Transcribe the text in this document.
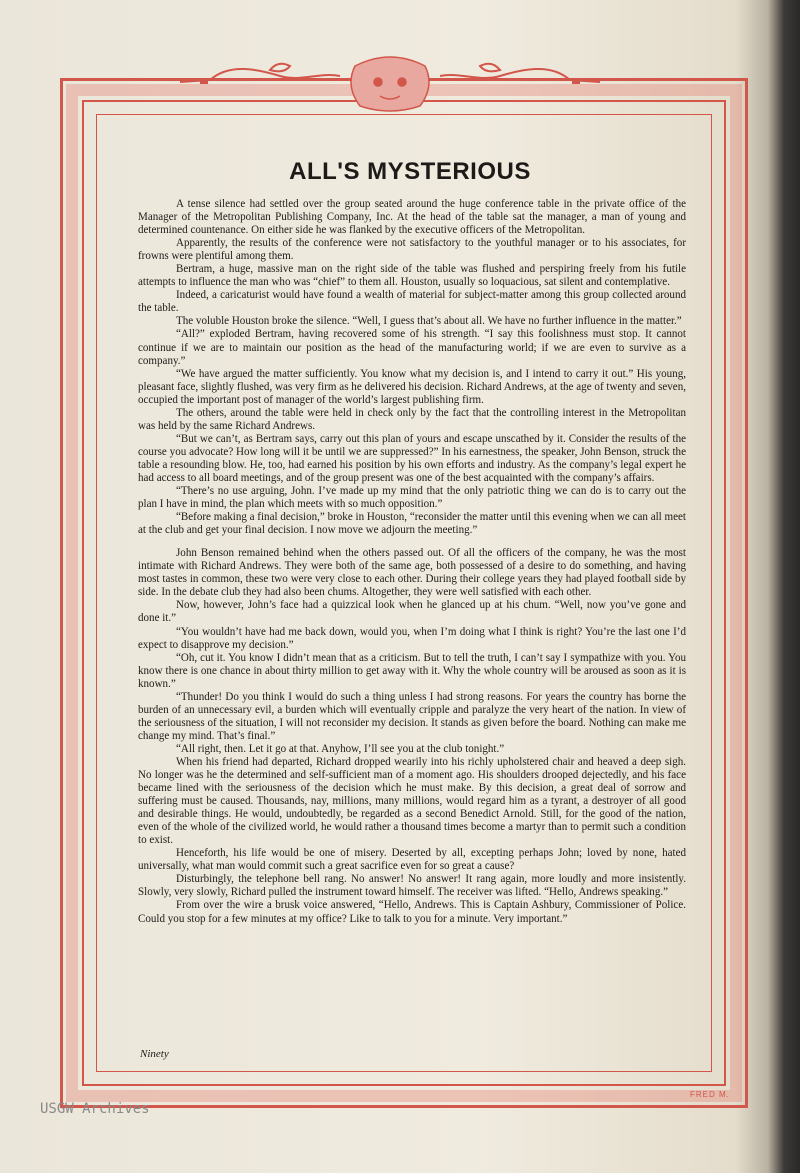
ALL'S MYSTERIOUS

A tense silence had settled over the group seated around the huge conference table in the private office of the Manager of the Metropolitan Publishing Company, Inc. At the head of the table sat the manager, a man of young and determined countenance. On either side he was flanked by the executive officers of the Metropolitan.

Apparently, the results of the conference were not satisfactory to the youthful manager or to his associates, for frowns were plentiful among them.

Bertram, a huge, massive man on the right side of the table was flushed and perspiring freely from his futile attempts to influence the man who was “chief” to them all. Houston, usually so loquacious, sat silent and contemplative.

Indeed, a caricaturist would have found a wealth of material for subject-matter among this group collected around the table.

The voluble Houston broke the silence. “Well, I guess that’s about all. We have no further influence in the matter.”

“All?” exploded Bertram, having recovered some of his strength. “I say this foolishness must stop. It cannot continue if we are to maintain our position as the head of the manufacturing world; if we are even to survive as a company.”

“We have argued the matter sufficiently. You know what my decision is, and I intend to carry it out.” His young, pleasant face, slightly flushed, was very firm as he delivered his decision. Richard Andrews, at the age of twenty and seven, occupied the important post of manager of the world’s largest publishing firm.

The others, around the table were held in check only by the fact that the controlling interest in the Metropolitan was held by the same Richard Andrews.

“But we can’t, as Bertram says, carry out this plan of yours and escape unscathed by it. Consider the results of the course you advocate? How long will it be until we are suppressed?” In his earnestness, the speaker, John Benson, struck the table a resounding blow. He, too, had earned his position by his own efforts and industry. As the company’s legal expert he had access to all board meetings, and of the group present was one of the best acquainted with the company’s affairs.

“There’s no use arguing, John. I’ve made up my mind that the only patriotic thing we can do is to carry out the plan I have in mind, the plan which meets with so much opposition.”

“Before making a final decision,” broke in Houston, “reconsider the matter until this evening when we can all meet at the club and get your final decision. I now move we adjourn the meeting.”

John Benson remained behind when the others passed out. Of all the officers of the company, he was the most intimate with Richard Andrews. They were both of the same age, both possessed of a desire to do something, and having most tastes in common, these two were very close to each other. During their college years they had played football side by side. In the debate club they had also been chums. Altogether, they were well satisfied with each other.

Now, however, John’s face had a quizzical look when he glanced up at his chum. “Well, now you’ve gone and done it.”

“You wouldn’t have had me back down, would you, when I’m doing what I think is right? You’re the last one I’d expect to disapprove my decision.”

“Oh, cut it. You know I didn’t mean that as a criticism. But to tell the truth, I can’t say I sympathize with you. You know there is one chance in about thirty million to get away with it. Why the whole country will be aroused as soon as it is known.”

“Thunder! Do you think I would do such a thing unless I had strong reasons. For years the country has borne the burden of an unnecessary evil, a burden which will eventually cripple and paralyze the very heart of the nation. In view of the seriousness of the situation, I will not reconsider my decision. It stands as given before the board. Nothing can make me change my mind. That’s final.”

“All right, then. Let it go at that. Anyhow, I’ll see you at the club tonight.”

When his friend had departed, Richard dropped wearily into his richly upholstered chair and heaved a deep sigh. No longer was he the determined and self-sufficient man of a moment ago. His shoulders drooped dejectedly, and his face became lined with the seriousness of the decision which he must make. By this decision, a great deal of sorrow and suffering must be caused. Thousands, nay, millions, many millions, would regard him as a tyrant, a destroyer of all good and desirable things. He would, undoubtedly, be regarded as a second Benedict Arnold. Still, for the good of the nation, even of the whole of the civilized world, he would rather a thousand times become a martyr than to permit such a condition to exist.

Henceforth, his life would be one of misery. Deserted by all, excepting perhaps John; loved by none, hated universally, what man would commit such a great sacrifice even for so great a cause?

Disturbingly, the telephone bell rang. No answer! No answer! It rang again, more loudly and more insistently. Slowly, very slowly, Richard pulled the instrument toward himself. The receiver was lifted. “Hello, Andrews speaking.”

From over the wire a brusk voice answered, “Hello, Andrews. This is Captain Ashbury, Commissioner of Police. Could you stop for a few minutes at my office? Like to talk to you for a minute. Very important.”

Ninety
FRED M.
USGW Archives
